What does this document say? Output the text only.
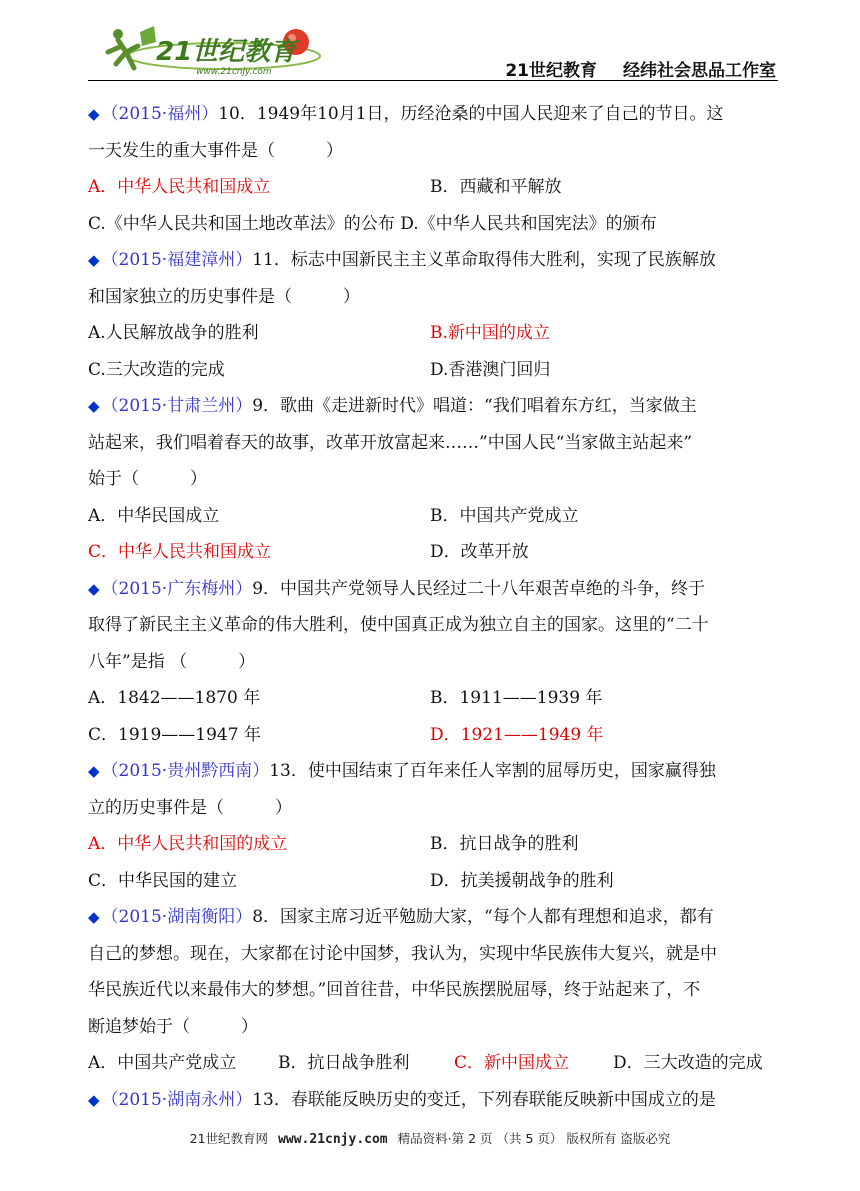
21世纪教育
www.21cnjy.com	21世纪教育 经纬社会思品工作室
◆ （2015·福州）10．1949年10月1日，历经沧桑的中国人民迎来了自己的节日。这
一天发生的重大事件是（　　　）
A．中华人民共和国成立	B．西藏和平解放
C.《中华人民共和国土地改革法》的公布 D.《中华人民共和国宪法》的颁布
◆ （2015·福建漳州）11．标志中国新民主主义革命取得伟大胜利，实现了民族解放
和国家独立的历史事件是（　　　）
A.人民解放战争的胜利	B.新中国的成立
C.三大改造的完成	D.香港澳门回归
◆ （2015·甘肃兰州）9．歌曲《走进新时代》唱道：“我们唱着东方红，当家做主
站起来，我们唱着春天的故事，改革开放富起来……”中国人民“当家做主站起来”
始于（　　　）
A．中华民国成立	B．中国共产党成立
C．中华人民共和国成立	D．改革开放
◆ （2015·广东梅州）9．中国共产党领导人民经过二十八年艰苦卓绝的斗争，终于
取得了新民主主义革命的伟大胜利，使中国真正成为独立自主的国家。这里的“二十
八年”是指 （　　　）
A．1842——1870 年	B．1911——1939 年
C．1919——1947 年	D．1921——1949 年
◆ （2015·贵州黔西南）13．使中国结束了百年来任人宰割的屈辱历史，国家赢得独
立的历史事件是（　　　）
A．中华人民共和国的成立	B．抗日战争的胜利
C．中华民国的建立	D．抗美援朝战争的胜利
◆ （2015·湖南衡阳）8．国家主席习近平勉励大家，“每个人都有理想和追求，都有
自己的梦想。现在，大家都在讨论中国梦，我认为，实现中华民族伟大复兴，就是中
华民族近代以来最伟大的梦想。”回首往昔，中华民族摆脱屈辱，终于站起来了，不
断追梦始于（　　　）
A．中国共产党成立 B．抗日战争胜利	C．新中国成立	D．三大改造的完成
◆ （2015·湖南永州）13．春联能反映历史的变迁，下列春联能反映新中国成立的是
21世纪教育网 www.21cnjy.com 精品资料·第 2 页 （共 5 页） 版权所有 盗版必究
